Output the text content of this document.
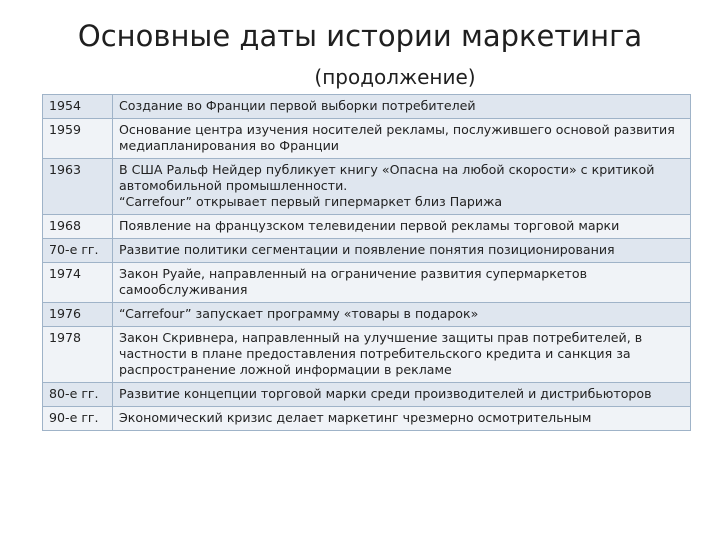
Основные даты истории маркетинга
(продолжение)
1954	Создание во Франции первой выборки потребителей
1959	Основание центра изучения носителей рекламы, послужившего основой развития медиапланирования во Франции
1963	В США Ральф Нейдер публикует книгу «Опасна на любой скорости» с критикой автомобильной промышленности.
“Carrefour” открывает первый гипермаркет близ Парижа
1968	Появление на французском телевидении первой рекламы торговой марки
70-е гг.	Развитие политики сегментации и появление понятия позиционирования
1974	Закон Руайе, направленный на ограничение развития супермаркетов самообслуживания
1976	“Carrefour” запускает программу «товары в подарок»
1978	Закон Скривнера, направленный на улучшение защиты прав потребителей, в частности в плане предоставления потребительского кредита и санкция за распространение ложной информации в рекламе
80-е гг.	Развитие концепции торговой марки среди производителей и дистрибьюторов
90-е гг.	Экономический кризис делает маркетинг чрезмерно осмотрительным
